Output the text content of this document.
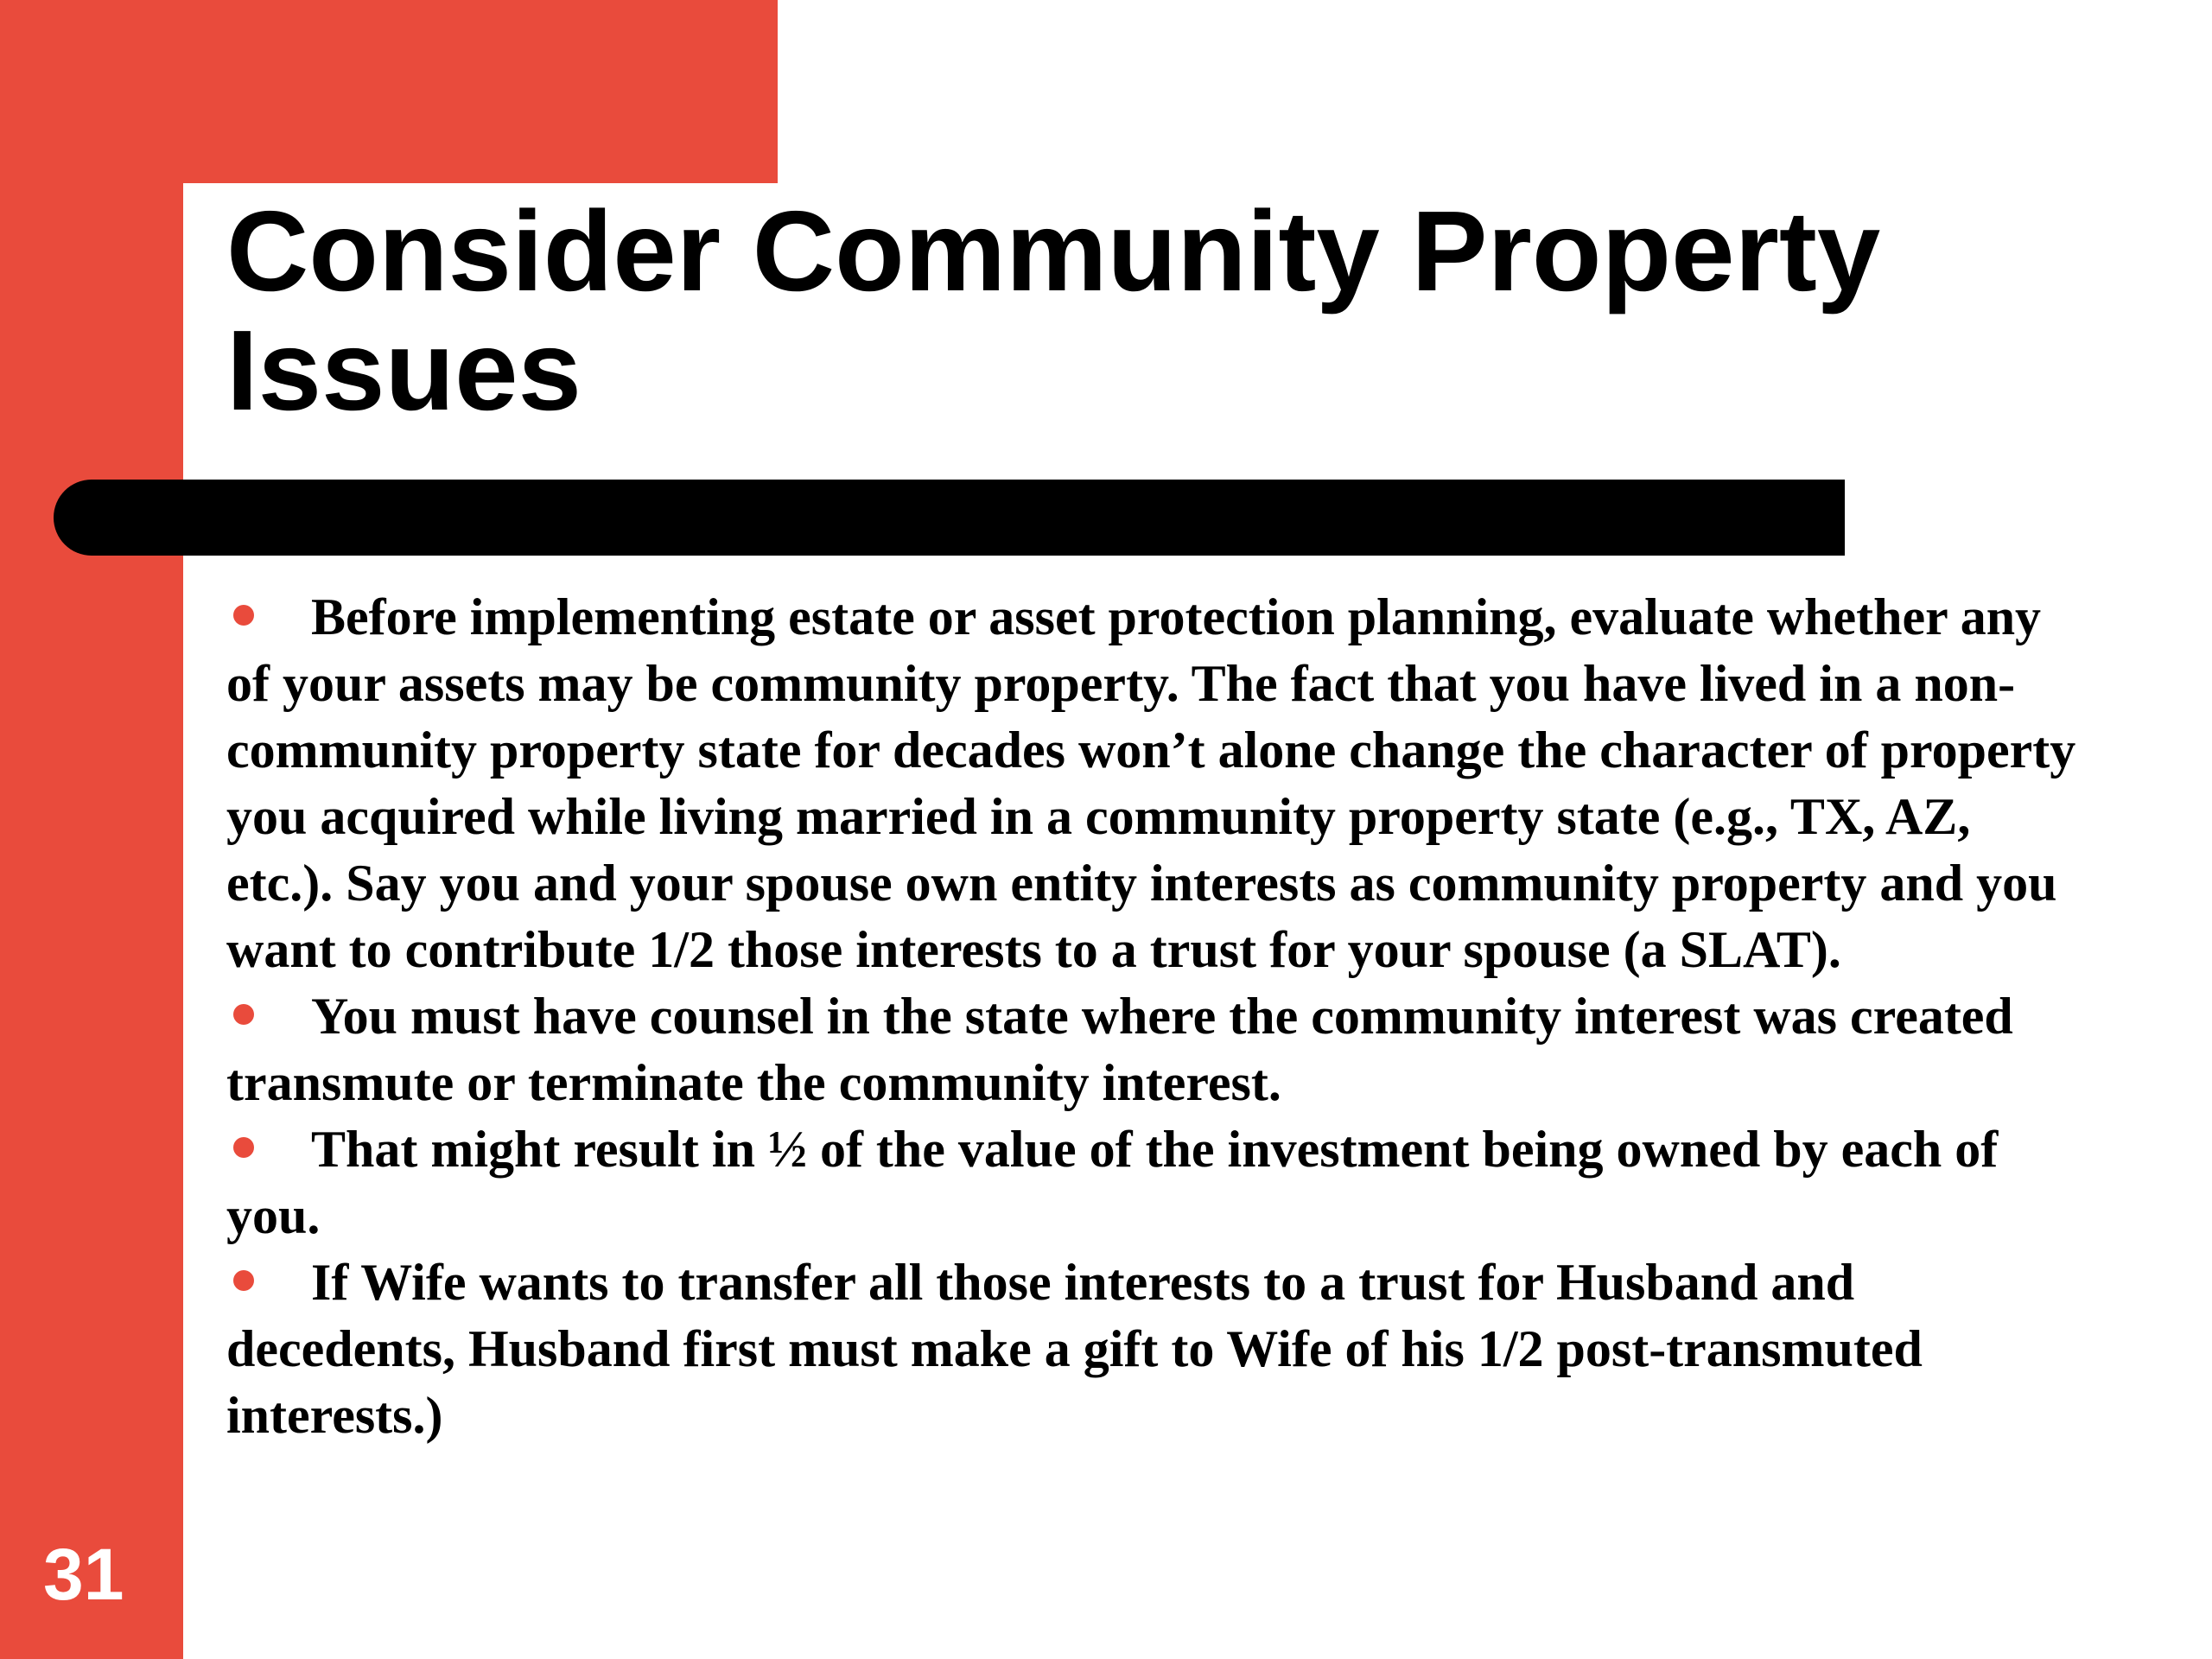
Consider Community Property Issues

Before implementing estate or asset protection planning, evaluate whether any of your assets may be community property. The fact that you have lived in a non-community property state for decades won’t alone change the character of property you acquired while living married in a community property state (e.g., TX, AZ, etc.). Say you and your spouse own entity interests as community property and you want to contribute 1/2 those interests to a trust for your spouse (a SLAT).

You must have counsel in the state where the community interest was created transmute or terminate the community interest.

That might result in ½ of the value of the investment being owned by each of you.

If Wife wants to transfer all those interests to a trust for Husband and decedents, Husband first must make a gift to Wife of his 1/2 post-transmuted interests.)

31
